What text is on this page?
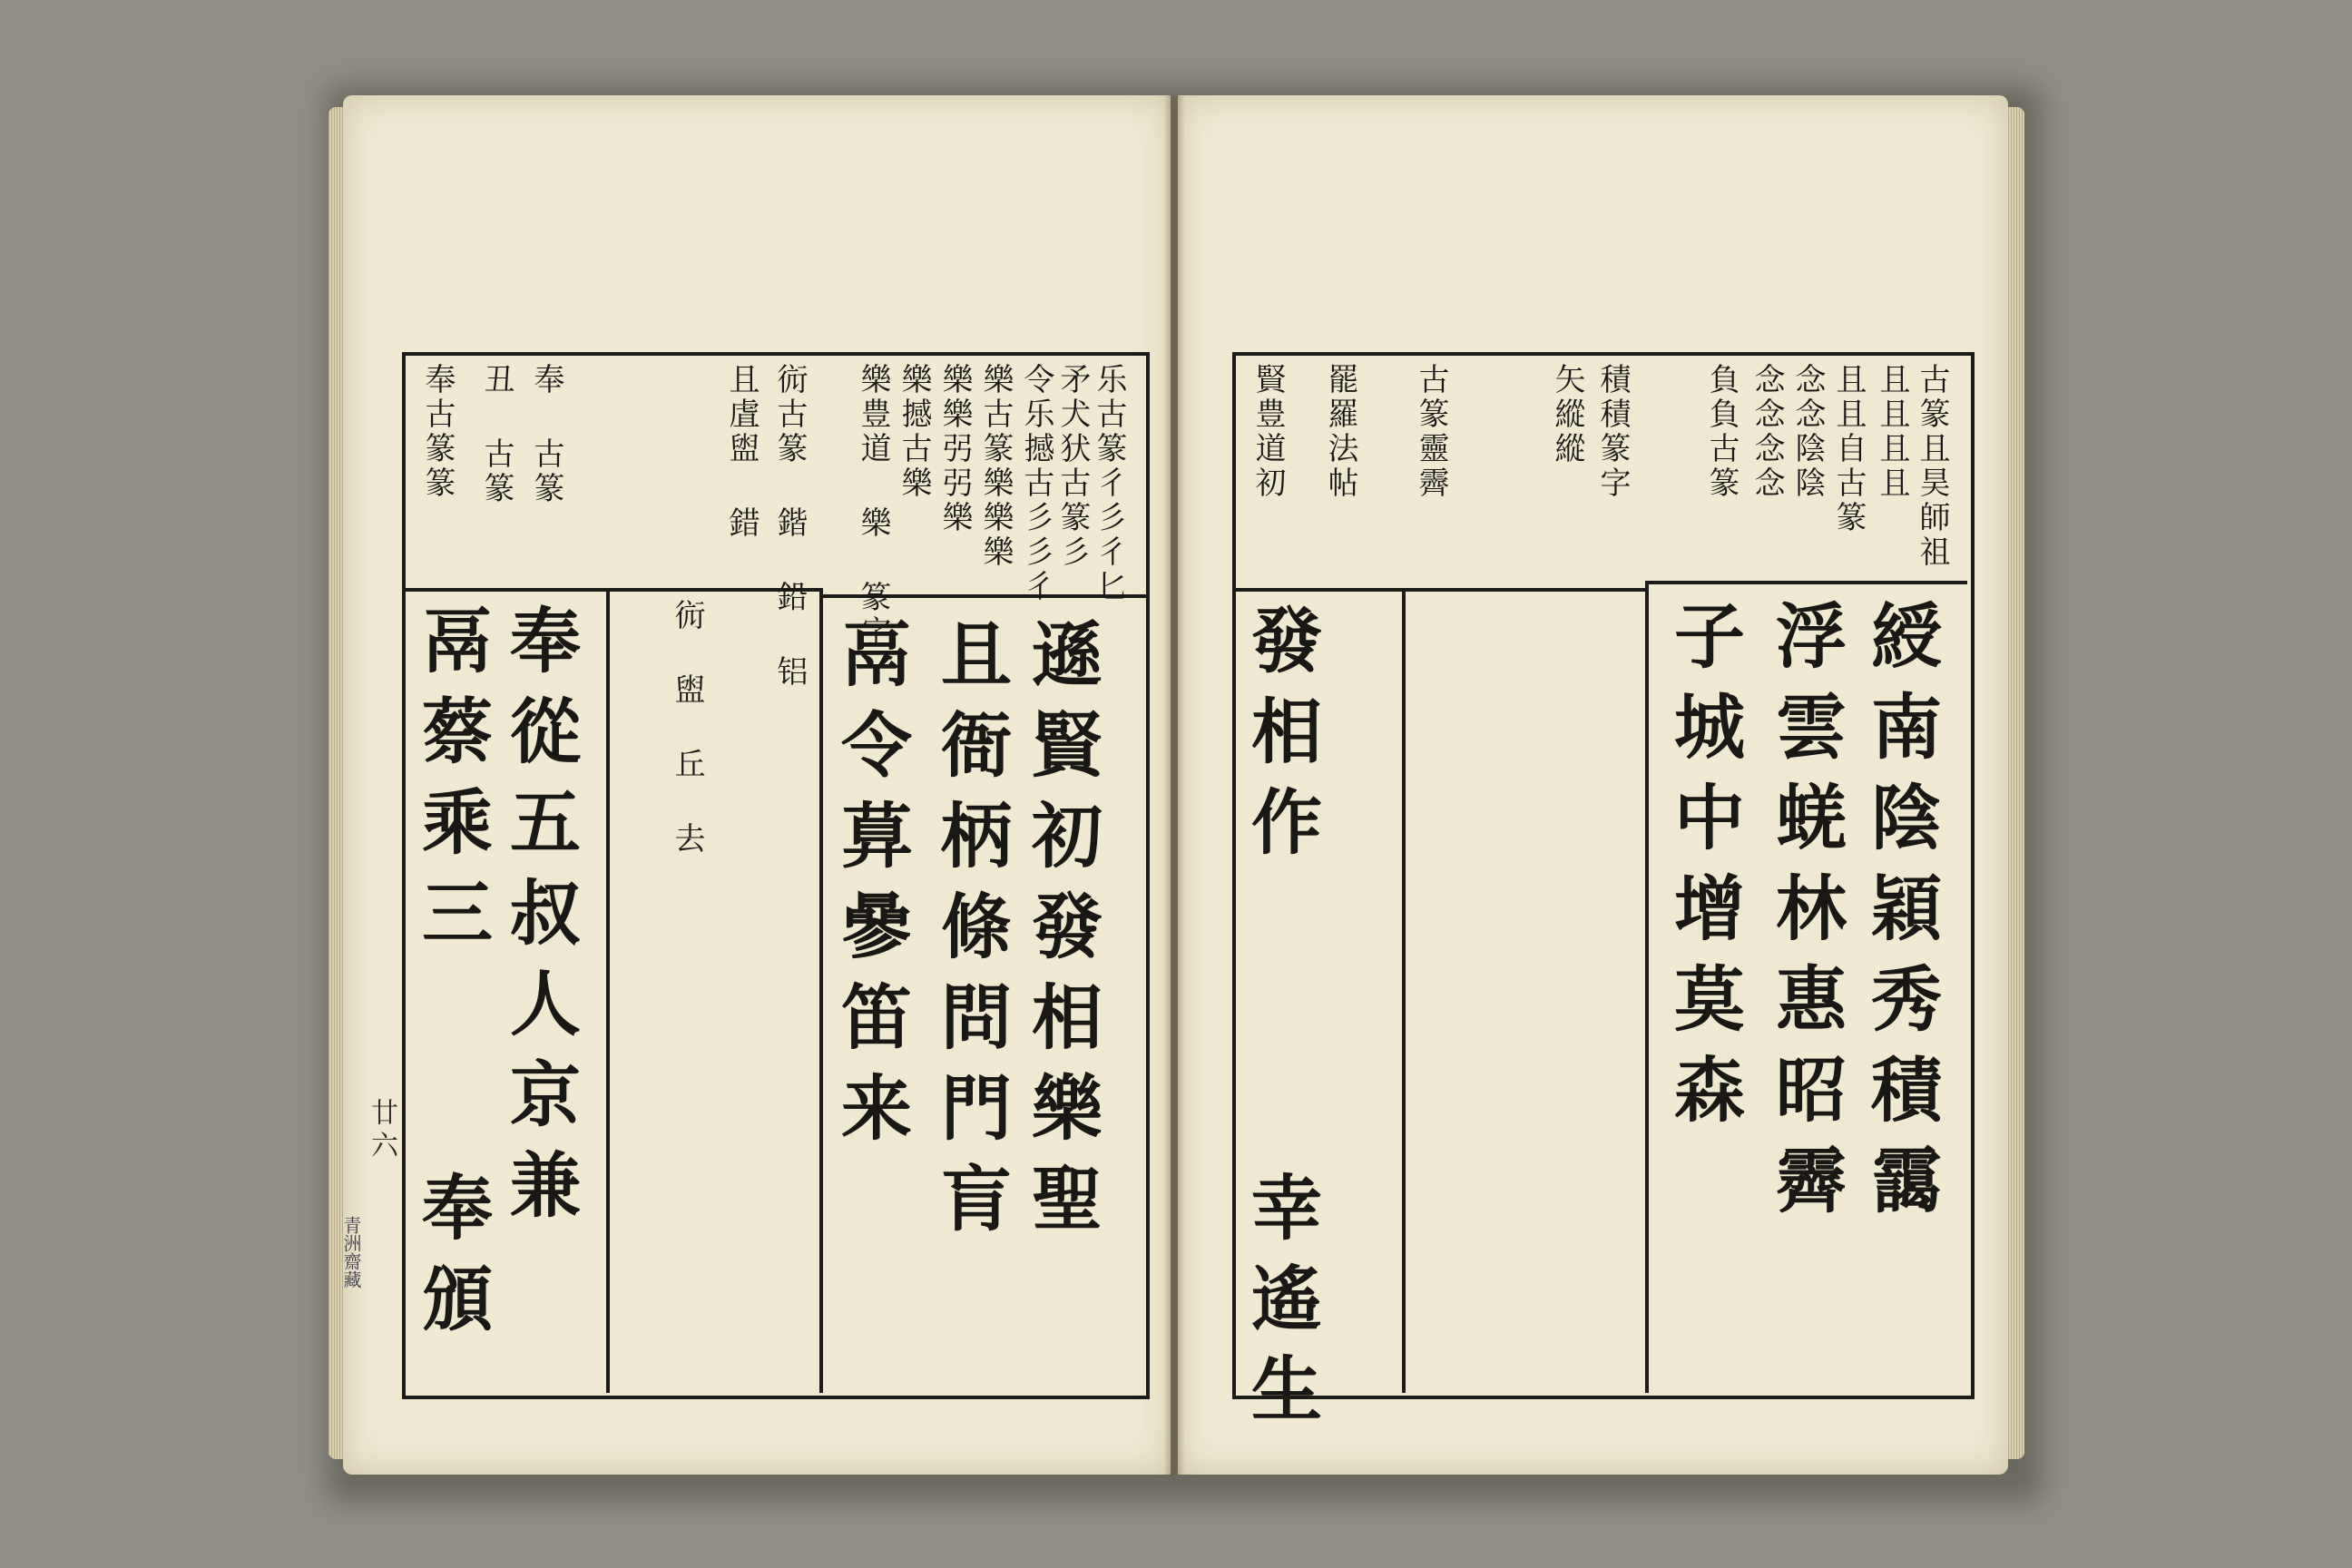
乐古篆彳彡彳匕
矛犬犾古篆彡
令乐撼古彡彡彳
樂古篆樂樂樂
樂樂弜弜樂
樂撼古樂
樂豊道 樂 篆字
䘕古篆 鍇 鉛 铝
且虘盥 錯
䘕 盥 丘 去
奉 古篆
丑 古篆
奉古篆篆
遜賢初發相樂聖
且衙柄條問門肓
鬲令萛曑笛来
奉從五叔人京兼
鬲蔡乘三
奉頒
廿六
青洲齋藏
古篆且昊師祖
且且且且
且且自古篆
念念陰陰
念念念念
負負古篆
積積篆字
矢縱縱
古篆靈霽
罷羅法帖
賢豊道初
綬南陰穎秀積靄
浮雲蜣林惠昭霽
子城中增莫森
發相作
幸遙生
